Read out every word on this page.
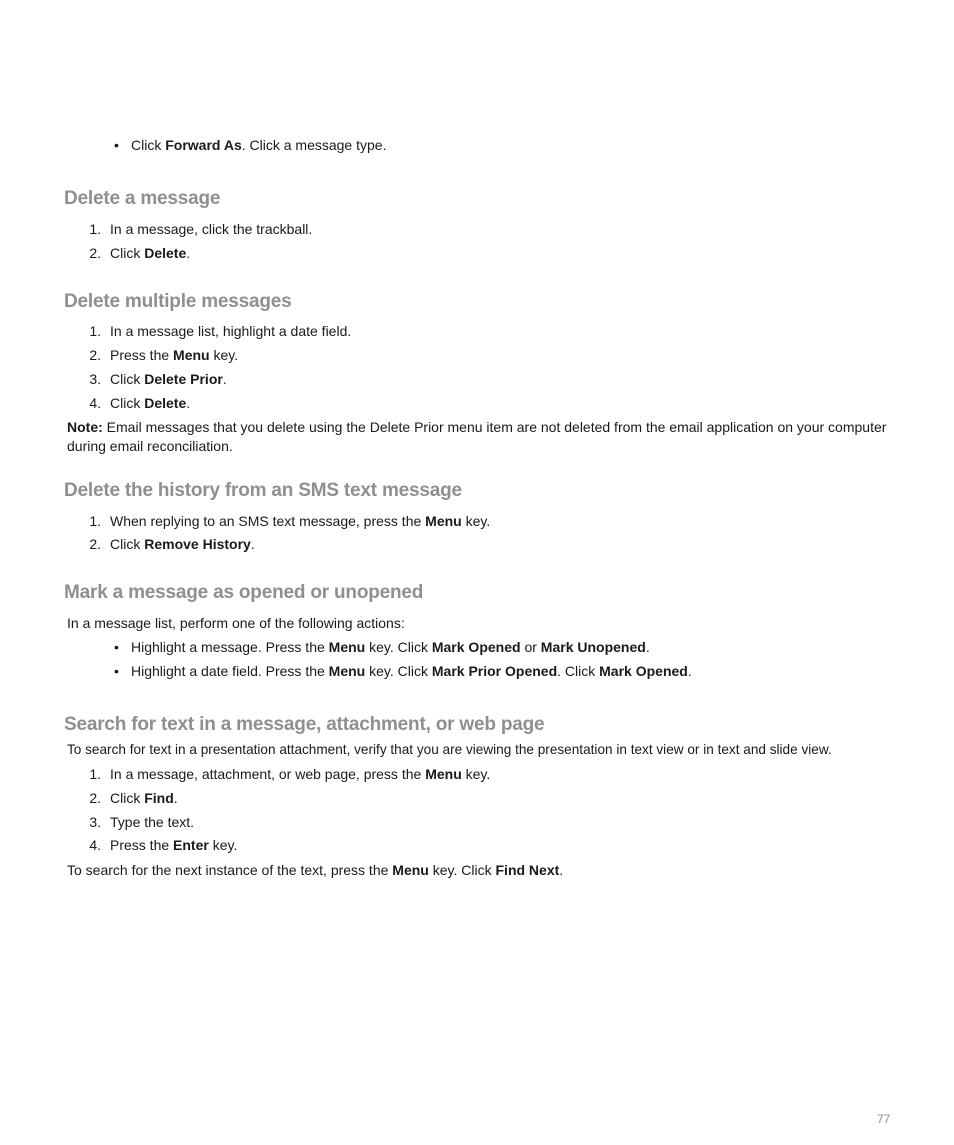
• Click Forward As. Click a message type.
Delete a message
1. In a message, click the trackball.
2. Click Delete.
Delete multiple messages
1. In a message list, highlight a date field.
2. Press the Menu key.
3. Click Delete Prior.
4. Click Delete.
Note: Email messages that you delete using the Delete Prior menu item are not deleted from the email application on your computer
during email reconciliation.
Delete the history from an SMS text message
1. When replying to an SMS text message, press the Menu key.
2. Click Remove History.
Mark a message as opened or unopened
In a message list, perform one of the following actions:
• Highlight a message. Press the Menu key. Click Mark Opened or Mark Unopened.
• Highlight a date field. Press the Menu key. Click Mark Prior Opened. Click Mark Opened.
Search for text in a message, attachment, or web page
To search for text in a presentation attachment, verify that you are viewing the presentation in text view or in text and slide view.
1. In a message, attachment, or web page, press the Menu key.
2. Click Find.
3. Type the text.
4. Press the Enter key.
To search for the next instance of the text, press the Menu key. Click Find Next.
77
